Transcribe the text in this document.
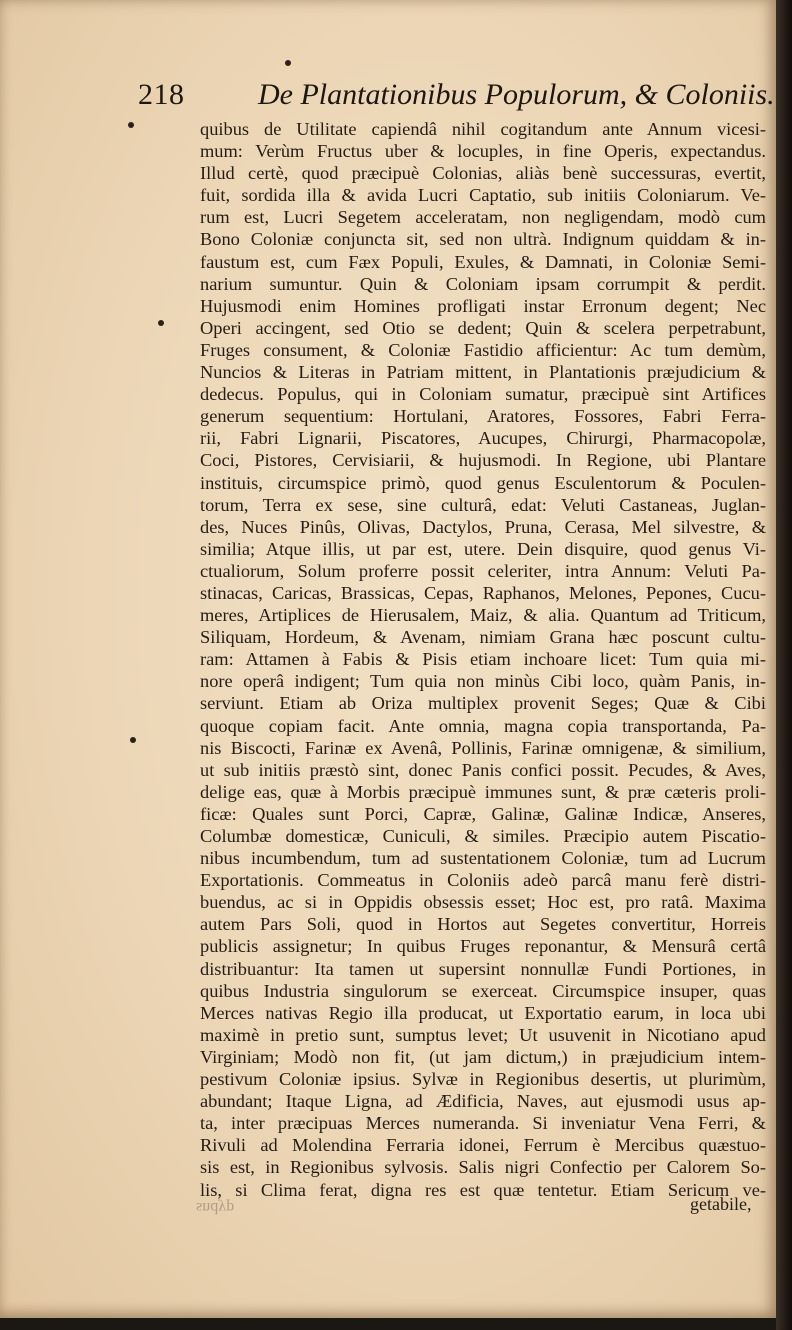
218 De Plantationibus Populorum, & Coloniis.
quibus de Utilitate capiendâ nihil cogitandum ante Annum vicesi-
mum: Verùm Fructus uber & locuples, in fine Operis, expectandus.
Illud certè, quod præcipuè Colonias, aliàs benè successuras, evertit,
fuit, sordida illa & avida Lucri Captatio, sub initiis Coloniarum. Ve-
rum est, Lucri Segetem acceleratam, non negligendam, modò cum
Bono Coloniæ conjuncta sit, sed non ultrà. Indignum quiddam & in-
faustum est, cum Fæx Populi, Exules, & Damnati, in Coloniæ Semi-
narium sumuntur. Quin & Coloniam ipsam corrumpit & perdit.
Hujusmodi enim Homines profligati instar Erronum degent; Nec
Operi accingent, sed Otio se dedent; Quin & scelera perpetrabunt,
Fruges consument, & Coloniæ Fastidio afficientur: Ac tum demùm,
Nuncios & Literas in Patriam mittent, in Plantationis præjudicium &
dedecus. Populus, qui in Coloniam sumatur, præcipuè sint Artifices
generum sequentium: Hortulani, Aratores, Fossores, Fabri Ferra-
rii, Fabri Lignarii, Piscatores, Aucupes, Chirurgi, Pharmacopolæ,
Coci, Pistores, Cervisiarii, & hujusmodi. In Regione, ubi Plantare
instituis, circumspice primò, quod genus Esculentorum & Poculen-
torum, Terra ex sese, sine culturâ, edat: Veluti Castaneas, Juglan-
des, Nuces Pinûs, Olivas, Dactylos, Pruna, Cerasa, Mel silvestre, &
similia; Atque illis, ut par est, utere. Dein disquire, quod genus Vi-
ctualiorum, Solum proferre possit celeriter, intra Annum: Veluti Pa-
stinacas, Caricas, Brassicas, Cepas, Raphanos, Melones, Pepones, Cucu-
meres, Artiplices de Hierusalem, Maiz, & alia. Quantum ad Triticum,
Siliquam, Hordeum, & Avenam, nimiam Grana hæc poscunt cultu-
ram: Attamen à Fabis & Pisis etiam inchoare licet: Tum quia mi-
nore operâ indigent; Tum quia non minùs Cibi loco, quàm Panis, in-
serviunt. Etiam ab Oriza multiplex provenit Seges; Quæ & Cibi
quoque copiam facit. Ante omnia, magna copia transportanda, Pa-
nis Biscocti, Farinæ ex Avenâ, Pollinis, Farinæ omnigenæ, & similium,
ut sub initiis præstò sint, donec Panis confici possit. Pecudes, & Aves,
delige eas, quæ à Morbis præcipuè immunes sunt, & præ cæteris proli-
ficæ: Quales sunt Porci, Capræ, Galinæ, Galinæ Indicæ, Anseres,
Columbæ domesticæ, Cuniculi, & similes. Præcipio autem Piscatio-
nibus incumbendum, tum ad sustentationem Coloniæ, tum ad Lucrum
Exportationis. Commeatus in Coloniis adeò parcâ manu ferè distri-
buendus, ac si in Oppidis obsessis esset; Hoc est, pro ratâ. Maxima
autem Pars Soli, quod in Hortos aut Segetes convertitur, Horreis
publicis assignetur; In quibus Fruges reponantur, & Mensurâ certâ
distribuantur: Ita tamen ut supersint nonnullæ Fundi Portiones, in
quibus Industria singulorum se exerceat. Circumspice insuper, quas
Merces nativas Regio illa producat, ut Exportatio earum, in loca ubi
maximè in pretio sunt, sumptus levet; Ut usuvenit in Nicotiano apud
Virginiam; Modò non fit, (ut jam dictum,) in præjudicium intem-
pestivum Coloniæ ipsius. Sylvæ in Regionibus desertis, ut plurimùm,
abundant; Itaque Ligna, ad Ædificia, Naves, aut ejusmodi usus ap-
ta, inter præcipuas Merces numeranda. Si inveniatur Vena Ferri, &
Rivuli ad Molendina Ferraria idonei, Ferrum è Mercibus quæstuo-
sis est, in Regionibus sylvosis. Salis nigri Confectio per Calorem So-
lis, si Clima ferat, digna res est quæ tentetur. Etiam Sericum ve-
sndyp	getabile,
